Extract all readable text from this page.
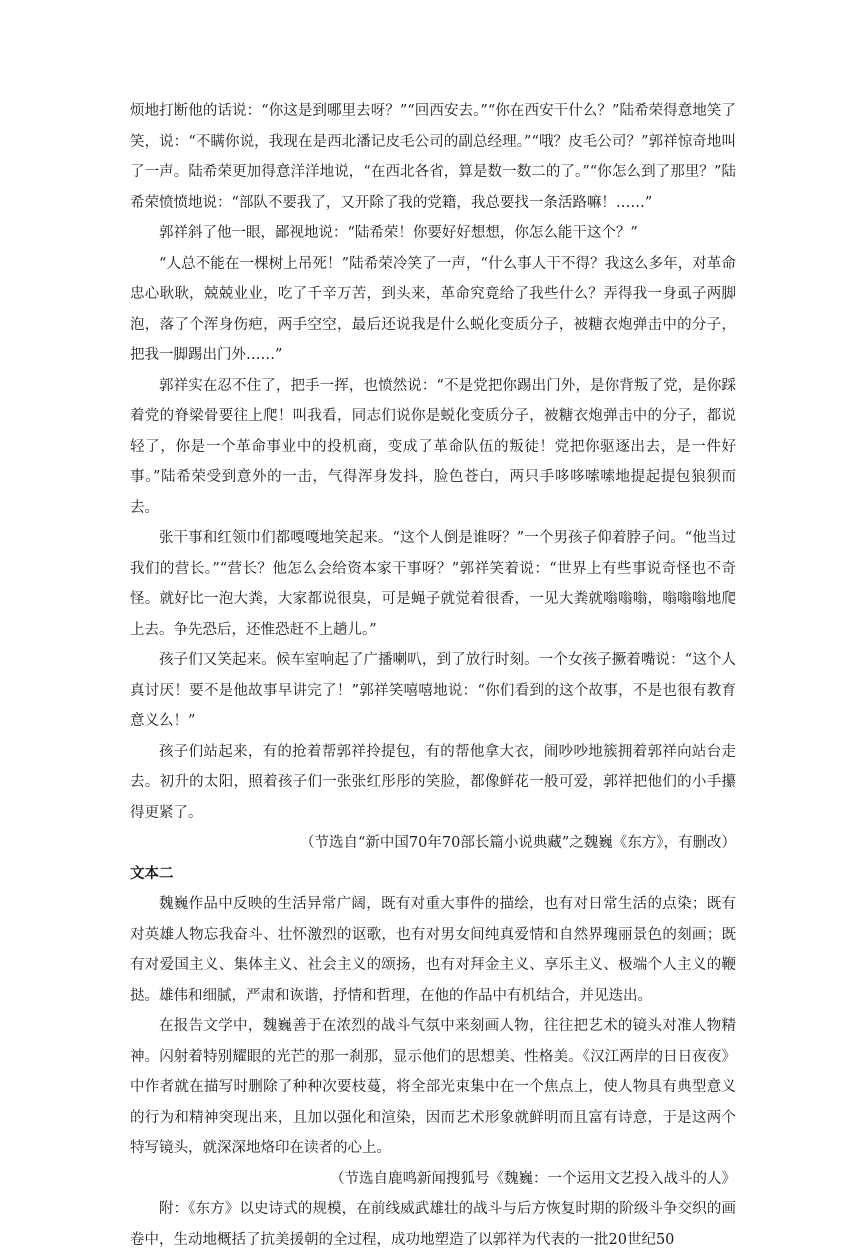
烦地打断他的话说：“你这是到哪里去呀？”“回西安去。”“你在西安干什么？”陆希荣得意地笑了笑，说：“不瞒你说，我现在是西北潘记皮毛公司的副总经理。”“哦？皮毛公司？”郭祥惊奇地叫了一声。陆希荣更加得意洋洋地说，“在西北各省，算是数一数二的了。”“你怎么到了那里？”陆希荣愤愤地说：“部队不要我了，又开除了我的党籍，我总要找一条活路嘛！……”

郭祥斜了他一眼，鄙视地说：“陆希荣！你要好好想想，你怎么能干这个？”

“人总不能在一棵树上吊死！”陆希荣冷笑了一声，“什么事人干不得？我这么多年，对革命忠心耿耿，兢兢业业，吃了千辛万苦，到头来，革命究竟给了我些什么？弄得我一身虱子两脚泡，落了个浑身伤疤，两手空空，最后还说我是什么蜕化变质分子，被糖衣炮弹击中的分子，把我一脚踢出门外……”

郭祥实在忍不住了，把手一挥，也愤然说：“不是党把你踢出门外，是你背叛了党，是你踩着党的脊梁骨要往上爬！叫我看，同志们说你是蜕化变质分子，被糖衣炮弹击中的分子，都说轻了，你是一个革命事业中的投机商，变成了革命队伍的叛徒！党把你驱逐出去，是一件好事。”陆希荣受到意外的一击，气得浑身发抖，脸色苍白，两只手哆哆嗦嗦地提起提包狼狈而去。

张干事和红领巾们都嘎嘎地笑起来。“这个人倒是谁呀？”一个男孩子仰着脖子问。“他当过我们的营长。”“营长？他怎么会给资本家干事呀？”郭祥笑着说：“世界上有些事说奇怪也不奇怪。就好比一泡大粪，大家都说很臭，可是蝇子就觉着很香，一见大粪就嗡嗡嗡，嗡嗡嗡地爬上去。争先恐后，还惟恐赶不上趟儿。”

孩子们又笑起来。候车室响起了广播喇叭，到了放行时刻。一个女孩子撅着嘴说：“这个人真讨厌！要不是他故事早讲完了！”郭祥笑嘻嘻地说：“你们看到的这个故事，不是也很有教育意义么！”

孩子们站起来，有的抢着帮郭祥拎提包，有的帮他拿大衣，闹吵吵地簇拥着郭祥向站台走去。初升的太阳，照着孩子们一张张红彤彤的笑脸，都像鲜花一般可爱，郭祥把他们的小手攥得更紧了。

（节选自“新中国70年70部长篇小说典藏”之魏巍《东方》，有删改）

文本二

魏巍作品中反映的生活异常广阔，既有对重大事件的描绘，也有对日常生活的点染；既有对英雄人物忘我奋斗、壮怀激烈的讴歌，也有对男女间纯真爱情和自然界瑰丽景色的刻画；既有对爱国主义、集体主义、社会主义的颂扬，也有对拜金主义、享乐主义、极端个人主义的鞭挞。雄伟和细腻，严肃和诙谐，抒情和哲理，在他的作品中有机结合，并见迭出。

在报告文学中，魏巍善于在浓烈的战斗气氛中来刻画人物，往往把艺术的镜头对准人物精神。闪射着特别耀眼的光芒的那一刹那，显示他们的思想美、性格美。《汉江两岸的日日夜夜》中作者就在描写时删除了种种次要枝蔓，将全部光束集中在一个焦点上，使人物具有典型意义的行为和精神突现出来，且加以强化和渲染，因而艺术形象就鲜明而且富有诗意，于是这两个特写镜头，就深深地烙印在读者的心上。

（节选自鹿鸣新闻搜狐号《魏巍：一个运用文艺投入战斗的人》

附：《东方》以史诗式的规模，在前线威武雄壮的战斗与后方恢复时期的阶级斗争交织的画卷中，生动地概括了抗美援朝的全过程，成功地塑造了以郭祥为代表的一批20世纪50
